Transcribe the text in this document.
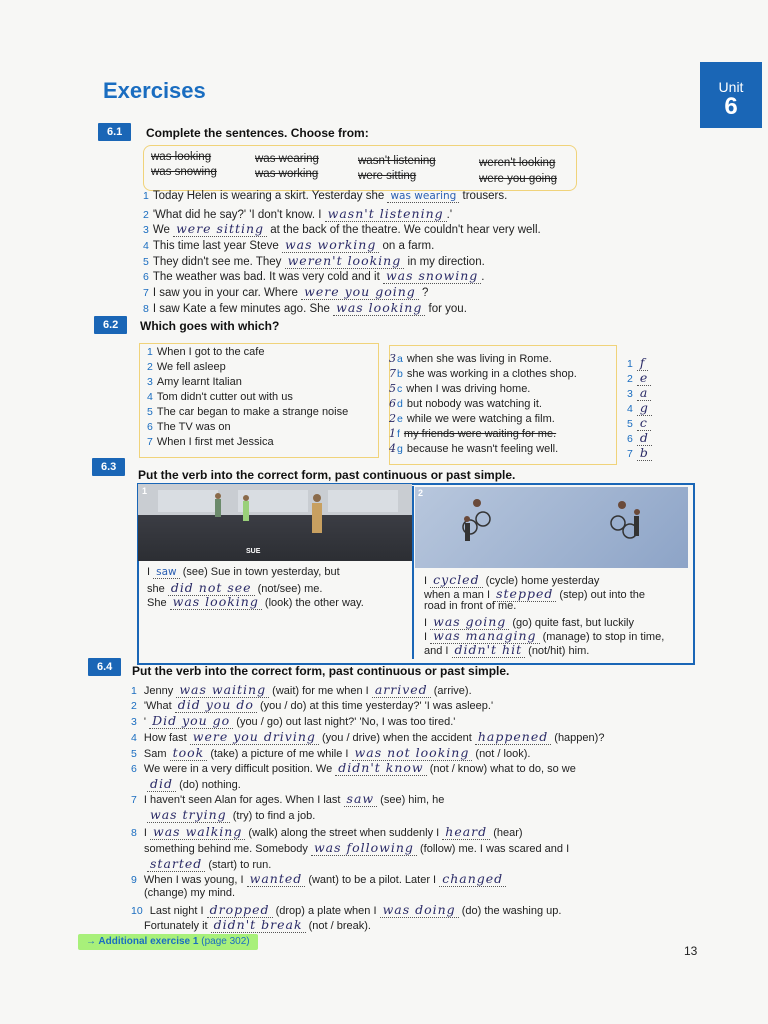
Exercises	Unit
6
6.1	Complete the sentences. Choose from:
was looking	was wearing	wasn't listening	weren't looking
was snowing	was working	were sitting	were you going
1 Today Helen is wearing a skirt. Yesterday she was wearing trousers.
2 'What did he say?' 'I don't know. I wasn't listening .'
3 We were sitting at the back of the theatre. We couldn't hear very well.
4 This time last year Steve was working on a farm.
5 They didn't see me. They weren't looking in my direction.
6 The weather was bad. It was very cold and it was snowing .
7 I saw you in your car. Where were you going ?
8 I saw Kate a few minutes ago. She was looking for you.
6.2	Which goes with which?
1 When I got to the cafe
2 We fell asleep
3 Amy learnt Italian
4 Tom didn't cutter out with us
5 The car began to make a strange noise
6 The TV was on
7 When I first met Jessica
3a when she was living in Rome.
7b she was working in a clothes shop.
5c when I was driving home.
6d but nobody was watching it.
2e while we were watching a film.
1f my friends were waiting for me.
4g because he wasn't feeling well.
1 f
2 e
3 a
4 g
5 c
6 d
7 b
6.3
Put the verb into the correct form, past continuous or past simple.
1
SUE
2
I saw (see) Sue in town yesterday, but
she did not see (not/see) me.
She was looking (look) the other way.
I cycled (cycle) home yesterday
when a man I stepped (step) out into the
road in front of me.
I was going (go) quite fast, but luckily
I was managing (manage) to stop in time,
and I didn't hit (not/hit) him.
6.4	Put the verb into the correct form, past continuous or past simple.
1 Jenny was waiting (wait) for me when I arrived (arrive).
2 'What did you do (you / do) at this time yesterday?' 'I was asleep.'
3 ' Did you go (you / go) out last night?' 'No, I was too tired.'
4 How fast were you driving (you / drive) when the accident happened (happen)?
5 Sam took (take) a picture of me while I was not looking (not / look).
6 We were in a very difficult position. We didn't know (not / know) what to do, so we
did (do) nothing.
7 I haven't seen Alan for ages. When I last saw (see) him, he
was trying (try) to find a job.
8 I was walking (walk) along the street when suddenly I heard (hear)
something behind me. Somebody was following (follow) me. I was scared and I
started (start) to run.
9 When I was young, I wanted (want) to be a pilot. Later I changed
(change) my mind.
10 Last night I dropped (drop) a plate when I was doing (do) the washing up.
Fortunately it didn't break (not / break).
→ Additional exercise 1 (page 302)
13
